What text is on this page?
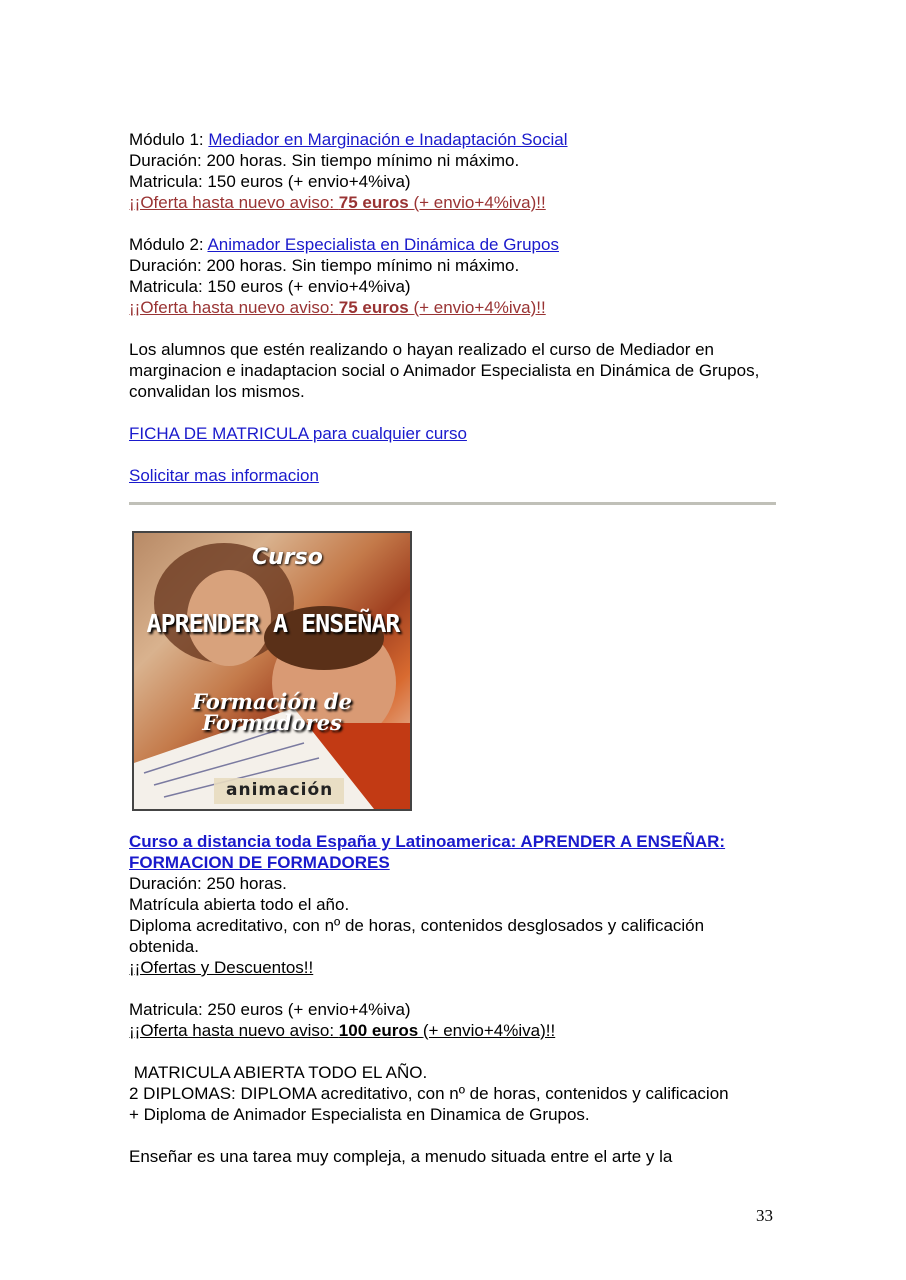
Módulo 1: Mediador en Marginación e Inadaptación Social
Duración: 200 horas. Sin tiempo mínimo ni máximo.
Matricula: 150 euros (+ envio+4%iva)
¡¡Oferta hasta nuevo aviso: 75 euros (+ envio+4%iva)!!
Módulo 2: Animador Especialista en Dinámica de Grupos
Duración: 200 horas. Sin tiempo mínimo ni máximo.
Matricula: 150 euros (+ envio+4%iva)
¡¡Oferta hasta nuevo aviso: 75 euros (+ envio+4%iva)!!
Los alumnos que estén realizando o hayan realizado el curso de Mediador en marginacion e inadaptacion social o Animador Especialista en Dinámica de Grupos, convalidan los mismos.
FICHA DE MATRICULA para cualquier curso
Solicitar mas informacion
Curso
APRENDER A ENSEÑAR
Formación de Formadores
animación
Curso a distancia toda España y Latinoamerica: APRENDER A ENSEÑAR: FORMACION DE FORMADORES
Duración: 250 horas.
Matrícula abierta todo el año.
Diploma acreditativo, con nº de horas, contenidos desglosados y calificación obtenida.
¡¡Ofertas y Descuentos!!
Matricula: 250 euros (+ envio+4%iva)
¡¡Oferta hasta nuevo aviso: 100 euros (+ envio+4%iva)!!
MATRICULA ABIERTA TODO EL AÑO.
2 DIPLOMAS: DIPLOMA acreditativo, con nº de horas, contenidos y calificacion
+ Diploma de Animador Especialista en Dinamica de Grupos.
Enseñar es una tarea muy compleja, a menudo situada entre el arte y la
33
